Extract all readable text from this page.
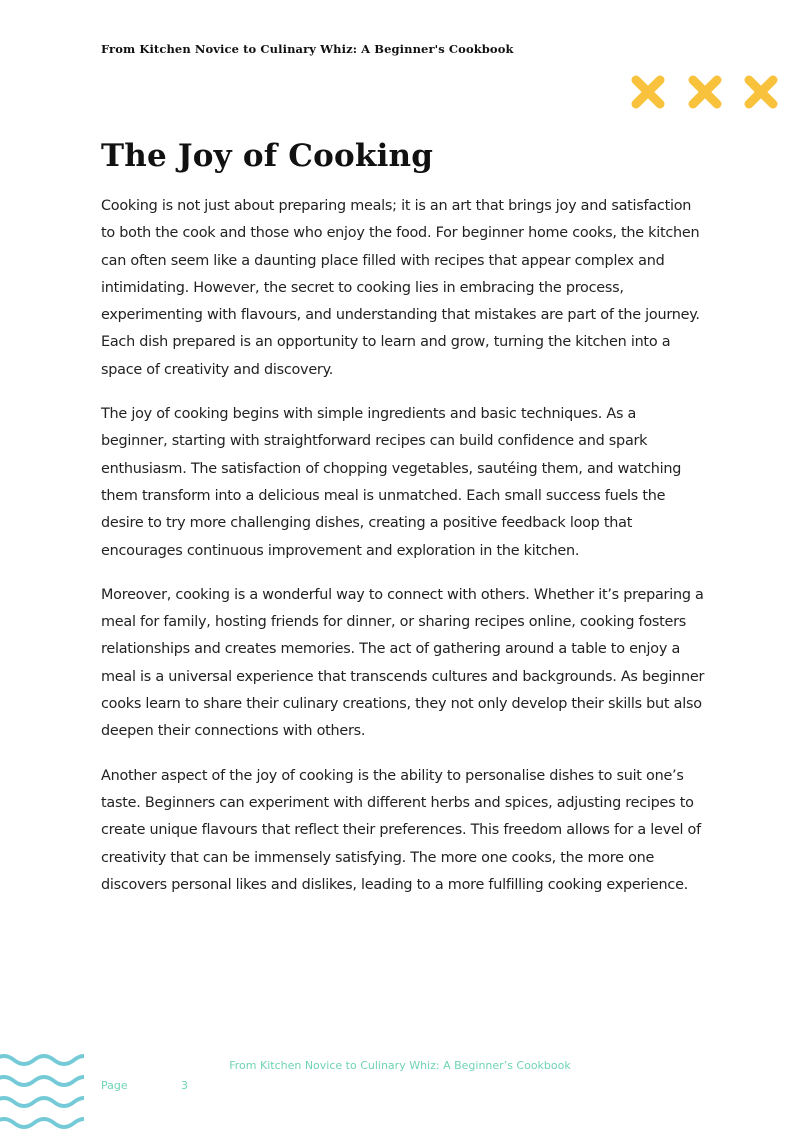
From Kitchen Novice to Culinary Whiz: A Beginner's Cookbook
The Joy of Cooking

Cooking is not just about preparing meals; it is an art that brings joy and satisfaction to both the cook and those who enjoy the food. For beginner home cooks, the kitchen can often seem like a daunting place filled with recipes that appear complex and intimidating. However, the secret to cooking lies in embracing the process, experimenting with flavours, and understanding that mistakes are part of the journey. Each dish prepared is an opportunity to learn and grow, turning the kitchen into a space of creativity and discovery.

The joy of cooking begins with simple ingredients and basic techniques. As a beginner, starting with straightforward recipes can build confidence and spark enthusiasm. The satisfaction of chopping vegetables, sautéing them, and watching them transform into a delicious meal is unmatched. Each small success fuels the desire to try more challenging dishes, creating a positive feedback loop that encourages continuous improvement and exploration in the kitchen.

Moreover, cooking is a wonderful way to connect with others. Whether it’s preparing a meal for family, hosting friends for dinner, or sharing recipes online, cooking fosters relationships and creates memories. The act of gathering around a table to enjoy a meal is a universal experience that transcends cultures and backgrounds. As beginner cooks learn to share their culinary creations, they not only develop their skills but also deepen their connections with others.

Another aspect of the joy of cooking is the ability to personalise dishes to suit one’s taste. Beginners can experiment with different herbs and spices, adjusting recipes to create unique flavours that reflect their preferences. This freedom allows for a level of creativity that can be immensely satisfying. The more one cooks, the more one discovers personal likes and dislikes, leading to a more fulfilling cooking experience.

From Kitchen Novice to Culinary Whiz: A Beginner’s Cookbook
Page	3
